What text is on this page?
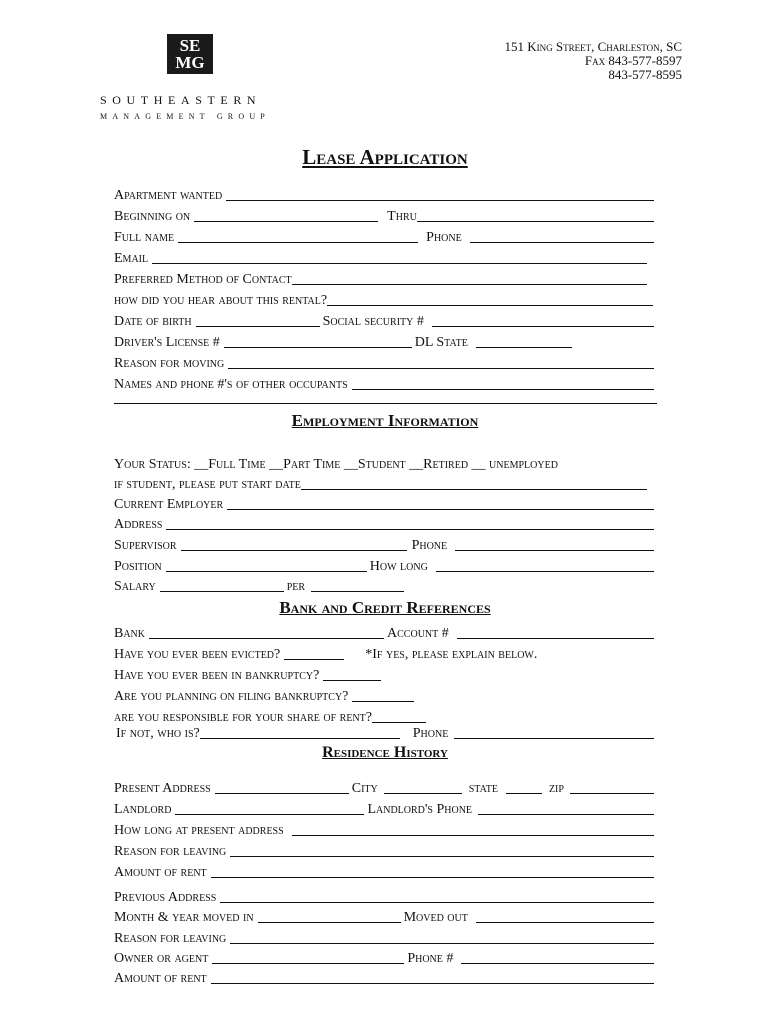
SE
MG
SOUTHEASTERN
MANAGEMENT GROUP
151 King Street, Charleston, SC
Fax 843-577-8597
843-577-8595
Lease Application
Apartment wanted
Beginning on	Thru
Full name	Phone
Email
Preferred Method of Contact
how did you hear about this rental?
Date of birth	Social security #
Driver's License #	DL State
Reason for moving
Names and phone #'s of other occupants
Employment Information
Your Status: __Full Time __Part Time __Student __Retired __ unemployed
if student, please put start date
Current Employer
Address
Supervisor	Phone
Position	How long
Salary	per
Bank and Credit References
Bank	Account #
Have you ever been evicted?	*If yes, please explain below.
Have you ever been in bankruptcy?
Are you planning on filing bankruptcy?
are you responsible for your share of rent?
If not, who is?	Phone
Residence History
Present Address	City	state	zip
Landlord	Landlord's Phone
How long at present address
Reason for leaving
Amount of rent
Previous Address
Month & year moved in	Moved out
Reason for leaving
Owner or agent	Phone #
Amount of rent
